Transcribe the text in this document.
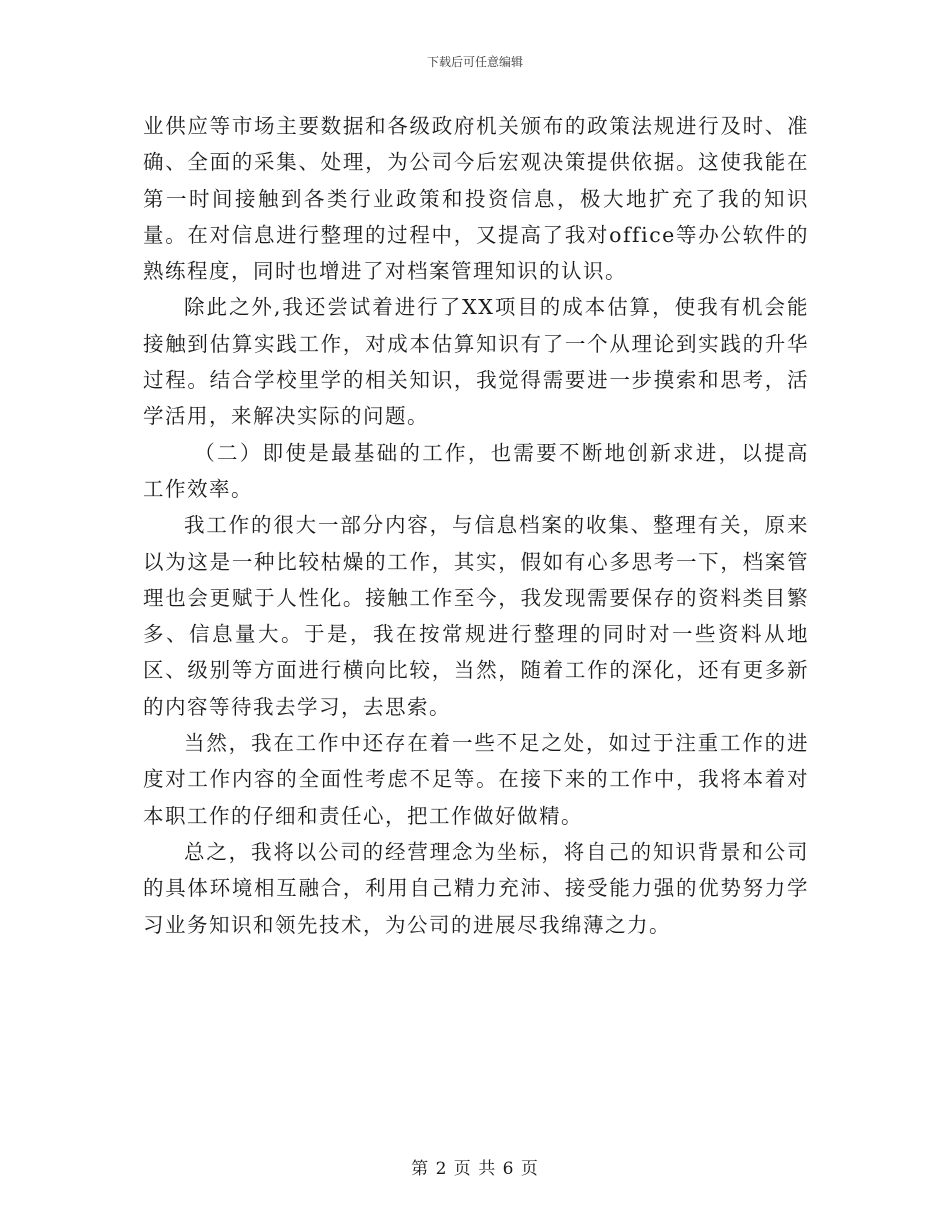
下载后可任意编辑

业供应等市场主要数据和各级政府机关颁布的政策法规进行及时、准确、全面的采集、处理，为公司今后宏观决策提供依据。这使我能在第一时间接触到各类行业政策和投资信息，极大地扩充了我的知识量。在对信息进行整理的过程中，又提高了我对office等办公软件的熟练程度，同时也增进了对档案管理知识的认识。

除此之外,我还尝试着进行了XX项目的成本估算，使我有机会能接触到估算实践工作，对成本估算知识有了一个从理论到实践的升华过程。结合学校里学的相关知识，我觉得需要进一步摸索和思考，活学活用，来解决实际的问题。

（二）即使是最基础的工作，也需要不断地创新求进，以提高工作效率。

我工作的很大一部分内容，与信息档案的收集、整理有关，原来以为这是一种比较枯燥的工作，其实，假如有心多思考一下，档案管理也会更赋于人性化。接触工作至今，我发现需要保存的资料类目繁多、信息量大。于是，我在按常规进行整理的同时对一些资料从地区、级别等方面进行横向比较，当然，随着工作的深化，还有更多新的内容等待我去学习，去思索。

当然，我在工作中还存在着一些不足之处，如过于注重工作的进度对工作内容的全面性考虑不足等。在接下来的工作中，我将本着对本职工作的仔细和责任心，把工作做好做精。

总之，我将以公司的经营理念为坐标，将自己的知识背景和公司的具体环境相互融合，利用自己精力充沛、接受能力强的优势努力学习业务知识和领先技术，为公司的进展尽我绵薄之力。

第 2 页 共 6 页
